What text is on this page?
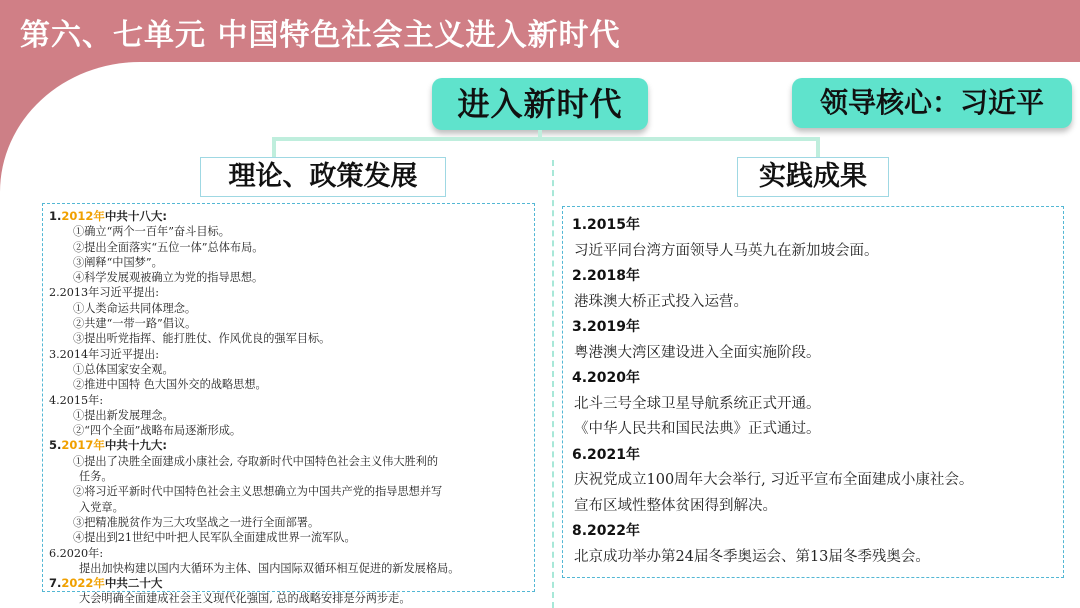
第六、七单元 中国特色社会主义进入新时代
进入新时代	领导核心：习近平
理论、政策发展	实践成果
1.2012年中共十八大:
①确立“两个一百年”奋斗目标。
②提出全面落实“五位一体”总体布局。
③阐释“中国梦”。
④科学发展观被确立为党的指导思想。
2.2013年习近平提出:
①人类命运共同体理念。
②共建“一带一路”倡议。
③提出听党指挥、能打胜仗、作风优良的强军目标。
3.2014年习近平提出:
①总体国家安全观。
②推进中国特 色大国外交的战略思想。
4.2015年:
①提出新发展理念。
②“四个全面”战略布局逐渐形成。
5.2017年中共十九大:
①提出了决胜全面建成小康社会, 夺取新时代中国特色社会主义伟大胜利的
任务。
②将习近平新时代中国特色社会主义思想确立为中国共产党的指导思想并写
入党章。
③把精准脱贫作为三大攻坚战之一进行全面部署。
④提出到21世纪中叶把人民军队全面建成世界一流军队。
6.2020年:
提出加快构建以国内大循环为主体、国内国际双循环相互促进的新发展格局。
7.2022年中共二十大
大会明确全面建成社会主义现代化强国, 总的战略安排是分两步走。
1.2015年
习近平同台湾方面领导人马英九在新加坡会面。
2.2018年
港珠澳大桥正式投入运营。
3.2019年
粤港澳大湾区建设进入全面实施阶段。
4.2020年
北斗三号全球卫星导航系统正式开通。
《中华人民共和国民法典》正式通过。
6.2021年
庆祝党成立100周年大会举行, 习近平宣布全面建成小康社会。
宣布区域性整体贫困得到解决。
8.2022年
北京成功举办第24届冬季奥运会、第13届冬季残奥会。
